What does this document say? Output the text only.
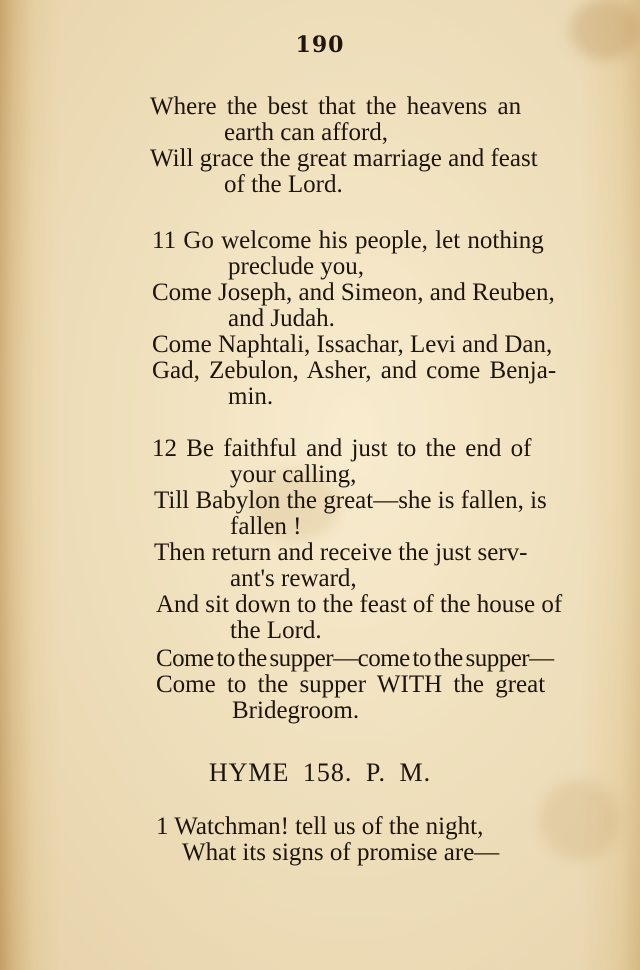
190
Where the best that the heavens an
earth can afford,
Will grace the great marriage and feast
of the Lord.
11 Go welcome his people, let nothing
preclude you,
Come Joseph, and Simeon, and Reuben,
and Judah.
Come Naphtali, Issachar, Levi and Dan,
Gad, Zebulon, Asher, and come Benja-
min.
12 Be faithful and just to the end of
your calling,
Till Babylon the great—she is fallen, is
fallen !
Then return and receive the just serv-
ant's reward,
And sit down to the feast of the house of
the Lord.
Come to the supper—come to the supper—
Come to the supper WITH the great
Bridegroom.
HYME 158. P. M.
1 Watchman! tell us of the night,
What its signs of promise are—
